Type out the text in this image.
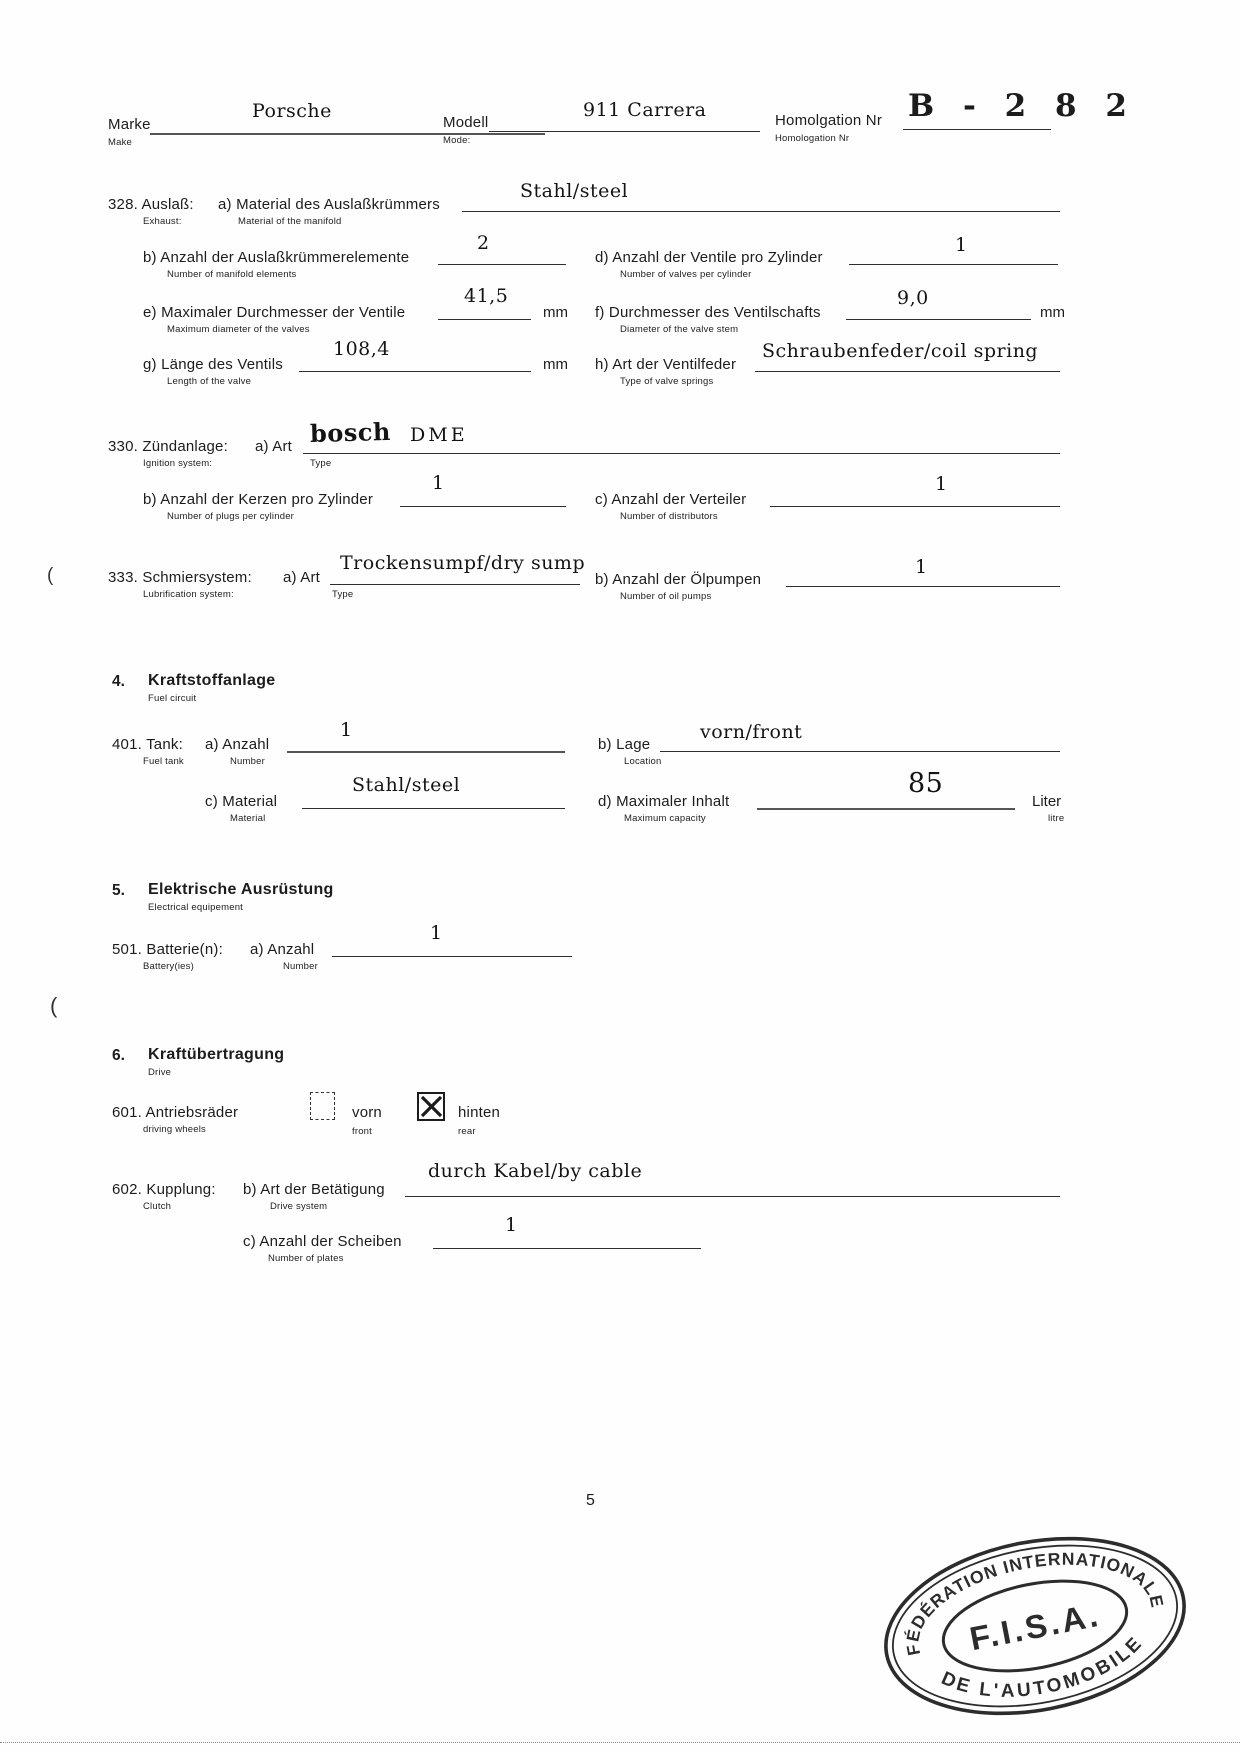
Marke
Make
Porsche
Modell
Mode:
911 Carrera	Homolgation Nr
Homologation Nr
B - 2 8 2
328. Auslaß:
Exhaust:
a) Material des Auslaßkrümmers
Material of the manifold
Stahl/steel
b) Anzahl der Auslaßkrümmerelemente
Number of manifold elements
2
d) Anzahl der Ventile pro Zylinder
Number of valves per cylinder
1
e) Maximaler Durchmesser der Ventile
Maximum diameter of the valves
41,5
mm f) Durchmesser des Ventilschafts
Diameter of the valve stem
9,0
mm
g) Länge des Ventils
Length of the valve
108,4
mm h) Art der Ventilfeder
Type of valve springs
Schraubenfeder/coil spring
330. Zündanlage:
Ignition system:
a) Art
Type
bosch DME
b) Anzahl der Kerzen pro Zylinder
Number of plugs per cylinder
1
c) Anzahl der Verteiler
Number of distributors
1
333. Schmiersystem:
Lubrification system:
a) Art
Type
Trockensumpf/dry sump
b) Anzahl der Ölpumpen
Number of oil pumps
1
4. Kraftstoffanlage
Fuel circuit
401. Tank:
Fuel tank
a) Anzahl
Number
1
b) Lage
Location
vorn/front
c) Material
Material
Stahl/steel
d) Maximaler Inhalt
Maximum capacity
85
Liter
litre
5. Elektrische Ausrüstung
Electrical equipement
501. Batterie(n):
Battery(ies)
a) Anzahl
Number
1
6. Kraftübertragung
Drive
601. Antriebsräder
driving wheels
vorn
front
hinten
rear
602. Kupplung:
Clutch
b) Art der Betätigung
Drive system
durch Kabel/by cable
c) Anzahl der Scheiben
Number of plates
1
(
(
5
FÉDÉRATION INTERNATIONALE
DE L'AUTOMOBILE
F.I.S.A.
